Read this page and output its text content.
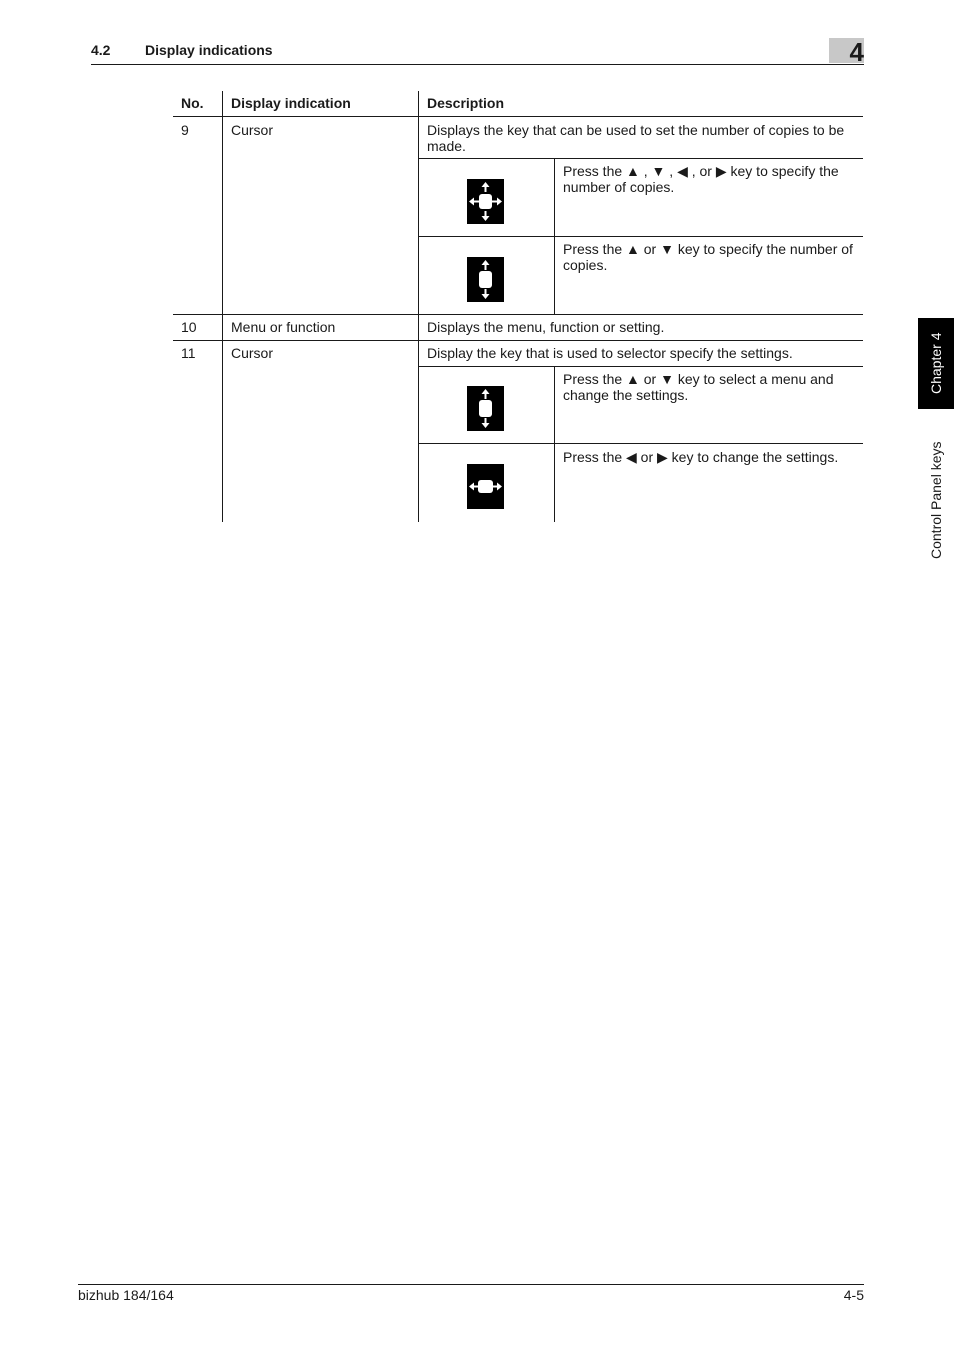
4.2 Display indications	4
Chapter 4
Control Panel keys
No. Display indication	Description
9	Cursor	Displays the key that can be used to set the number of copies to be made.
Press the ▲ , ▼ , ◀ , or ▶ key to specify the number of copies.
Press the ▲ or ▼ key to specify the number of copies.
10 Menu or function	Displays the menu, function or setting.
11	Cursor	Display the key that is used to selector specify the settings.
Press the ▲ or ▼ key to select a menu and change the settings.
Press the ◀ or ▶ key to change the settings.
bizhub 184/164	4-5
